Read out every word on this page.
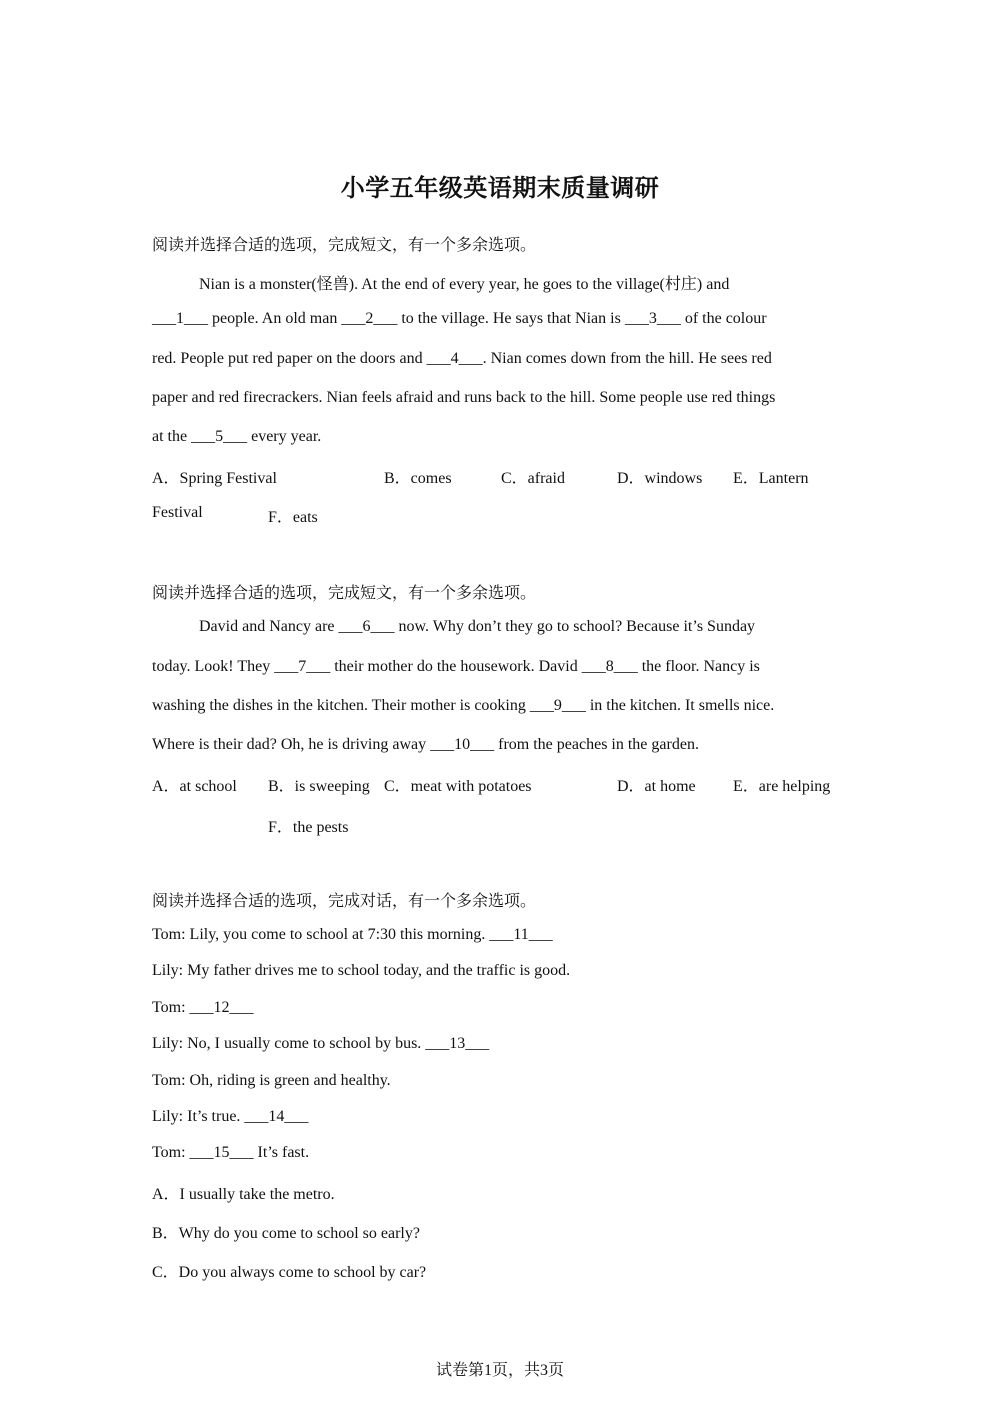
小学五年级英语期末质量调研
阅读并选择合适的选项，完成短文，有一个多余选项。
Nian is a monster(怪兽). At the end of every year, he goes to the village(村庄) and
___1___ people. An old man ___2___ to the village. He says that Nian is ___3___ of the colour
red. People put red paper on the doors and ___4___. Nian comes down from the hill. He sees red
paper and red firecrackers. Nian feels afraid and runs back to the hill. Some people use red things
at the ___5___ every year.
A．Spring Festival	B．comes	C．afraid	D．windows E．Lantern
Festival	F．eats
阅读并选择合适的选项，完成短文，有一个多余选项。
David and Nancy are ___6___ now. Why don’t they go to school? Because it’s Sunday
today. Look! They ___7___ their mother do the housework. David ___8___ the floor. Nancy is
washing the dishes in the kitchen. Their mother is cooking ___9___ in the kitchen. It smells nice.
Where is their dad? Oh, he is driving away ___10___ from the peaches in the garden.
A．at school B．is sweeping C．meat with potatoes	D．at home E．are helping
F．the pests
阅读并选择合适的选项，完成对话，有一个多余选项。
Tom: Lily, you come to school at 7:30 this morning. ___11___
Lily: My father drives me to school today, and the traffic is good.
Tom: ___12___
Lily: No, I usually come to school by bus. ___13___
Tom: Oh, riding is green and healthy.
Lily: It’s true. ___14___
Tom: ___15___ It’s fast.
A．I usually take the metro.
B．Why do you come to school so early?
C．Do you always come to school by car?
试卷第1页，共3页
